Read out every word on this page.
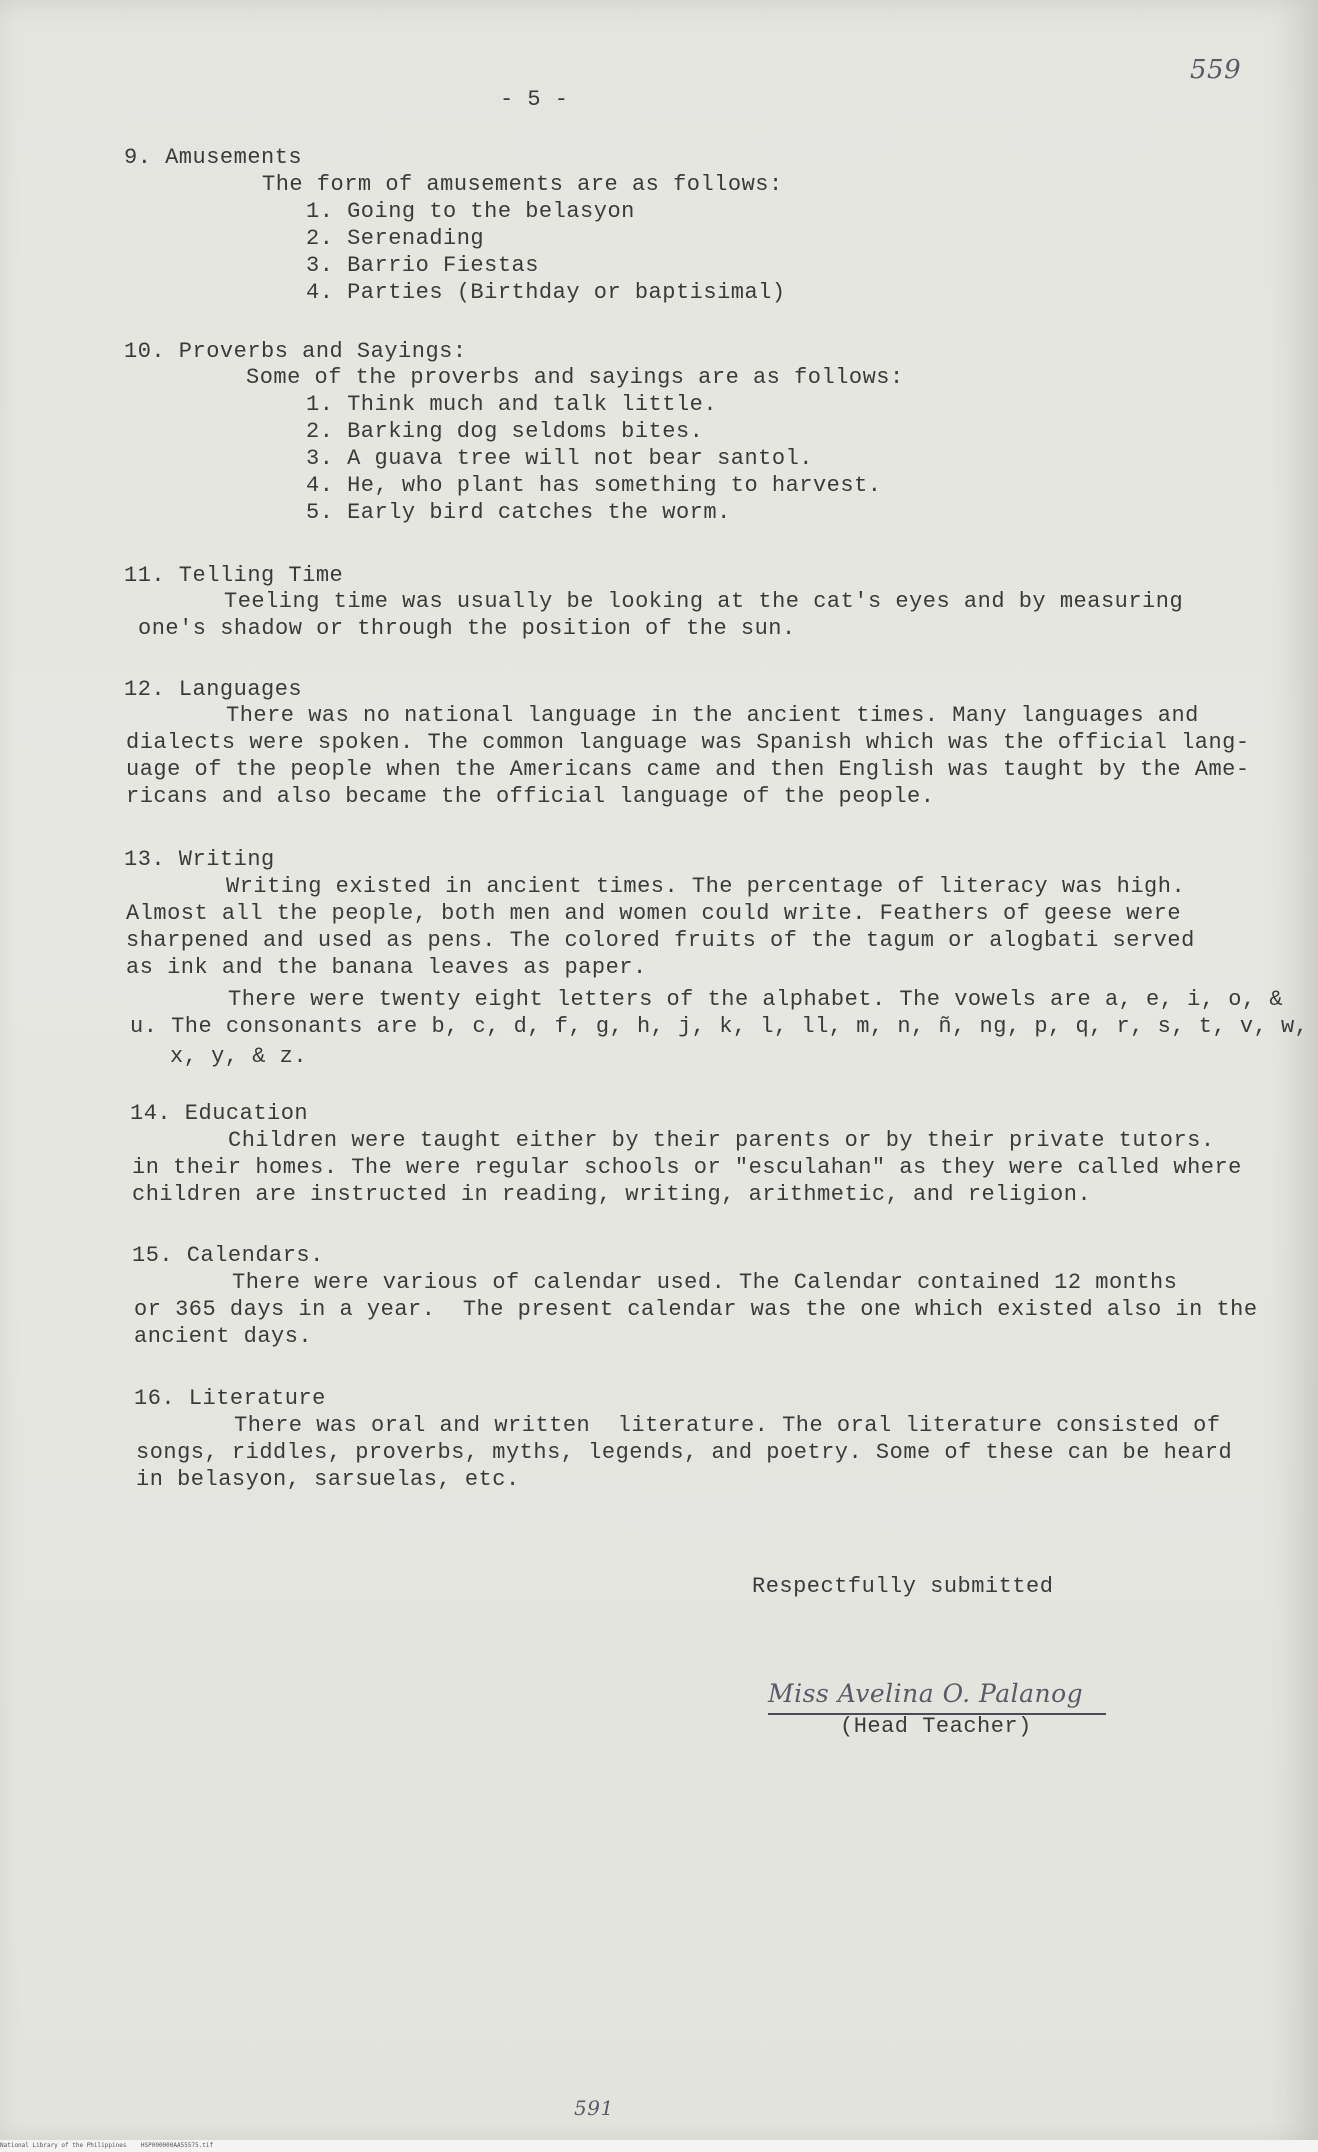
- 5 -
559
9. Amusements
The form of amusements are as follows:
1. Going to the belasyon
2. Serenading
3. Barrio Fiestas
4. Parties (Birthday or baptisimal)
10. Proverbs and Sayings:
Some of the proverbs and sayings are as follows:
1. Think much and talk little.
2. Barking dog seldoms bites.
3. A guava tree will not bear santol.
4. He, who plant has something to harvest.
5. Early bird catches the worm.
11. Telling Time
Teeling time was usually be looking at the cat's eyes and by measuring
one's shadow or through the position of the sun.
12. Languages
There was no national language in the ancient times. Many languages and
dialects were spoken. The common language was Spanish which was the official lang-
uage of the people when the Americans came and then English was taught by the Ame-
ricans and also became the official language of the people.
13. Writing
Writing existed in ancient times. The percentage of literacy was high.
Almost all the people, both men and women could write. Feathers of geese were
sharpened and used as pens. The colored fruits of the tagum or alogbati served
as ink and the banana leaves as paper.
There were twenty eight letters of the alphabet. The vowels are a, e, i, o, &
u. The consonants are b, c, d, f, g, h, j, k, l, ll, m, n, ñ, ng, p, q, r, s, t, v, w,
x, y, & z.
14. Education
Children were taught either by their parents or by their private tutors.
in their homes. The were regular schools or "esculahan" as they were called where
children are instructed in reading, writing, arithmetic, and religion.
15. Calendars.
There were various of calendar used. The Calendar contained 12 months
or 365 days in a year.  The present calendar was the one which existed also in the
ancient days.
16. Literature
There was oral and written  literature. The oral literature consisted of
songs, riddles, proverbs, myths, legends, and poetry. Some of these can be heard
in belasyon, sarsuelas, etc.
Respectfully submitted
Miss Avelina O. Palanog
(Head Teacher)
591
National Library of the Philippines    HSP000000AA55575.tif
